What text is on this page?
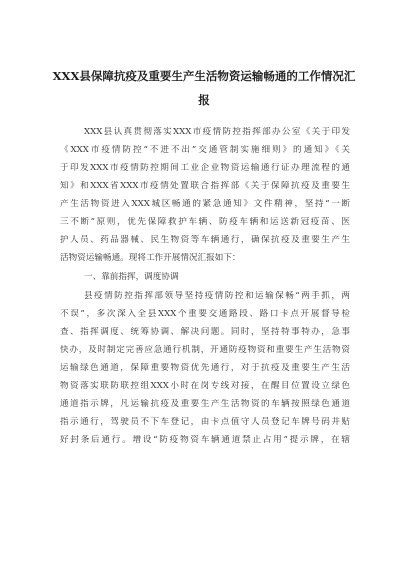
XXX县保障抗疫及重要生产生活物资运输畅通的工作情况汇
报
XXX县认真贯彻落实XXX市疫情防控指挥部办公室《关于印发
《XXX市疫情防控“不进不出”交通管制实施细则》的通知》《关
于印发XXX市疫情防控期间工业企业物资运输通行证办理流程的通
知》和XXX省XXX市疫情处置联合指挥部《关于保障抗疫及重要生
产生活物资进入XXX城区畅通的紧急通知》文件精神，坚持“一断
三不断”原则，优先保障救护车辆、防疫车辆和运送新冠疫苗、医
护人员、药品器械、民生物资等车辆通行，确保抗疫及重要生产生
活物资运输畅通。现将工作开展情况汇报如下：
一、靠前指挥，调度协调
县疫情防控指挥部领导坚持疫情防控和运输保畅“两手抓，两
不误”，多次深入全县XXX个重要交通路段、路口卡点开展督导检
查、指挥调度、统筹协调、解决问题。同时，坚持特事特办，急事
快办，及时制定完善应急通行机制，开通防疫物资和重要生产生活物资
运输绿色通道，保障重要物资优先通行，对于抗疫及重要生产生活
物资落实联防联控组XXX小时在岗专线对接，在醒目位置设立绿色
通道指示牌，凡运输抗疫及重要生产生活物资的车辆按照绿色通道
指示通行，驾驶员不下车登记，由卡点值守人员登记车牌号码并贴
好封条后通行。增设“防疫物资车辆通道禁止占用”提示牌，在辖
